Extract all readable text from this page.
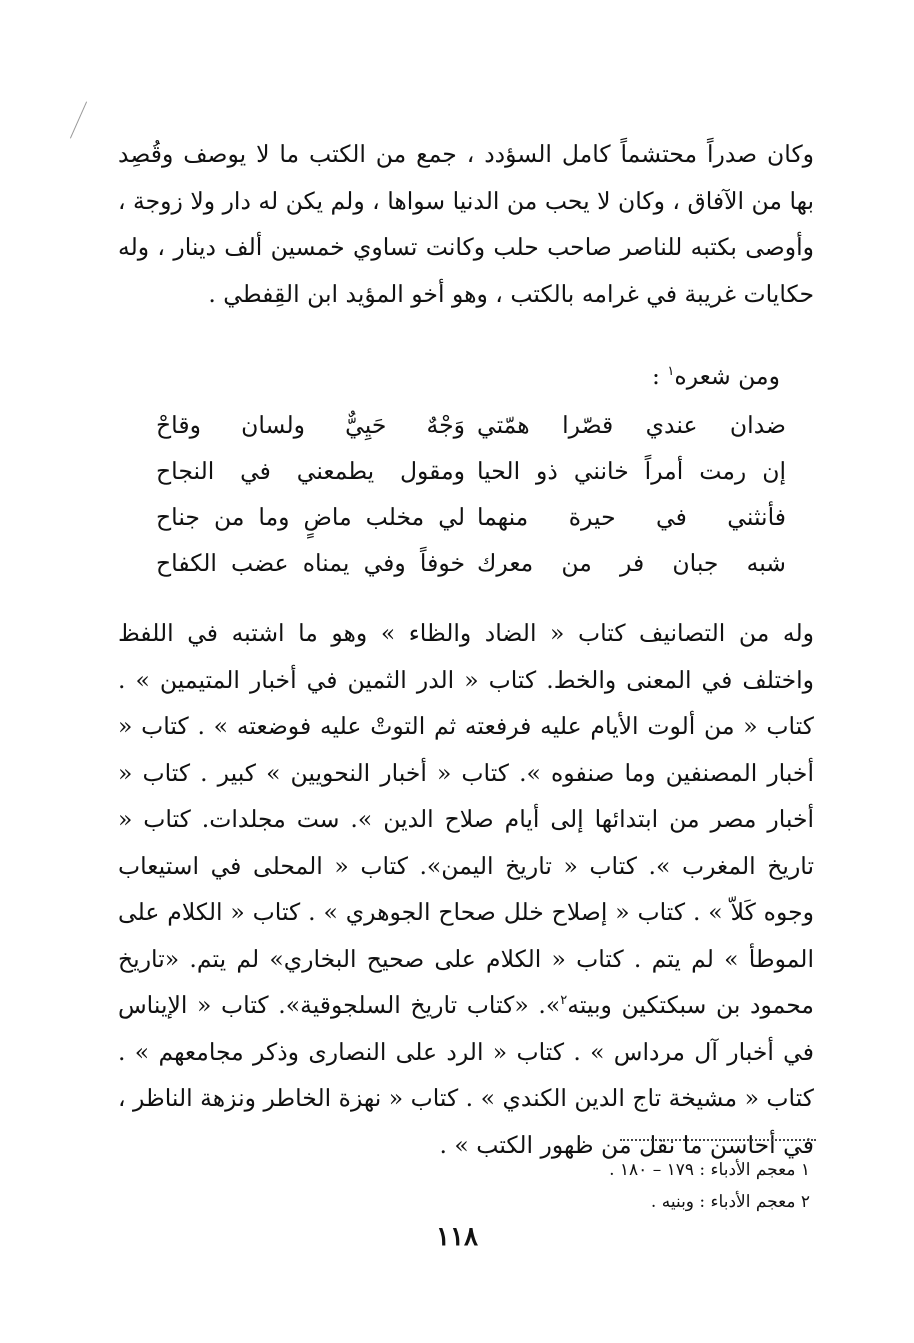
وكان صدراً محتشماً كامل السؤدد ، جمع من الكتب ما لا يوصف وقُصِد بها من الآفاق ، وكان لا يحب من الدنيا سواها ، ولم يكن له دار ولا زوجة ، وأوصى بكتبه للناصر صاحب حلب وكانت تساوي خمسين ألف دينار ، وله حكايات غريبة في غرامه بالكتب ، وهو أخو المؤيد ابن القِفطي .

ومن شعره$^١$ :
ضدان عندي قصّرا همّتي
وَجْهٌ حَيِيٌّ ولسان وقاحْ
إن رمت أمراً خانني ذو الحيا
ومقول يطمعني في النجاح
فأنثني في حيرة منهما
لي مخلب ماضٍ وما من جناح
شبه جبان فر من معرك
خوفاً وفي يمناه عضب الكفاح

وله من التصانيف كتاب « الضاد والظاء » وهو ما اشتبه في اللفظ واختلف في المعنى والخط. كتاب « الدر الثمين في أخبار المتيمين » . كتاب « من ألوت الأيام عليه فرفعته ثم التوتْ عليه فوضعته » . كتاب « أخبار المصنفين وما صنفوه ». كتاب « أخبار النحويين » كبير . كتاب « أخبار مصر من ابتدائها إلى أيام صلاح الدين ». ست مجلدات. كتاب « تاريخ المغرب ». كتاب « تاريخ اليمن». كتاب « المحلى في استيعاب وجوه كَلاّ » . كتاب « إصلاح خلل صحاح الجوهري » . كتاب « الكلام على الموطأ » لم يتم . كتاب « الكلام على صحيح البخاري» لم يتم. «تاريخ محمود بن سبكتكين وبيته$^٢$». «كتاب تاريخ السلجوقية». كتاب « الإيناس في أخبار آل مرداس » . كتاب « الرد على النصارى وذكر مجامعهم » . كتاب « مشيخة تاج الدين الكندي » . كتاب « نهزة الخاطر ونزهة الناظر ، في أحاسن ما نقل من ظهور الكتب » .

١ معجم الأدباء : ١٧٩ – ١٨٠ .
٢ معجم الأدباء : وبنيه .
١١٨
